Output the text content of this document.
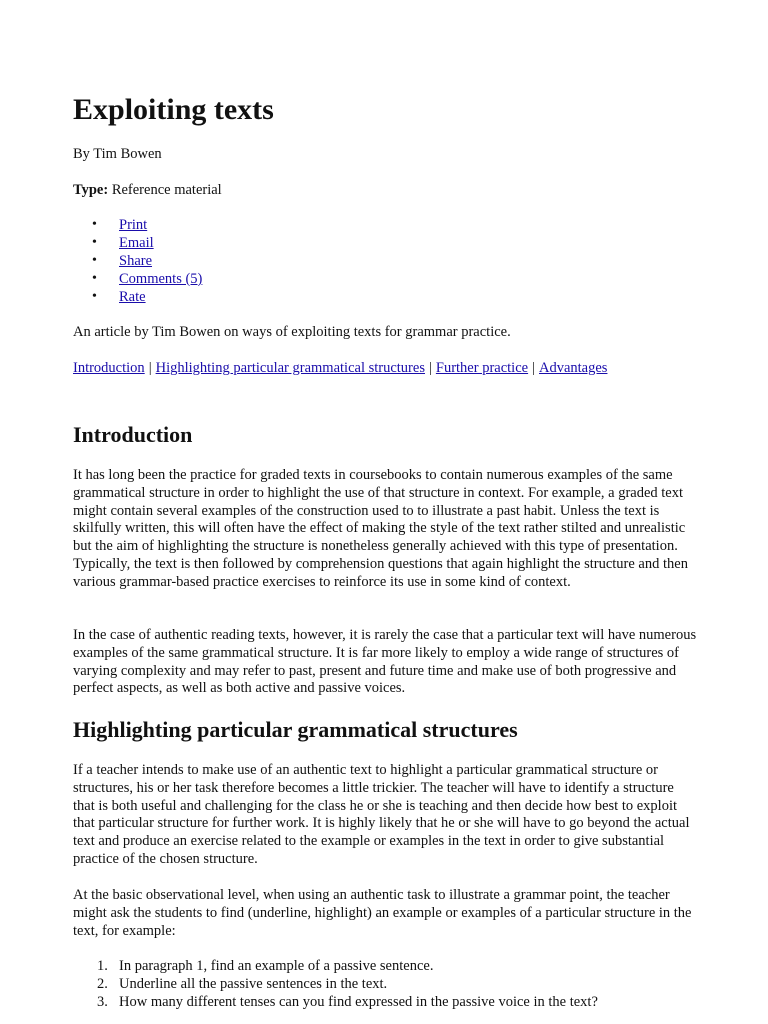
Exploiting texts
By Tim Bowen
Type: Reference material
• Print
• Email
• Share
• Comments (5)
• Rate
An article by Tim Bowen on ways of exploiting texts for grammar practice.
Introduction | Highlighting particular grammatical structures | Further practice | Advantages
Introduction

It has long been the practice for graded texts in coursebooks to contain numerous examples of the same grammatical structure in order to highlight the use of that structure in context. For example, a graded text might contain several examples of the construction used to to illustrate a past habit. Unless the text is skilfully written, this will often have the effect of making the style of the text rather stilted and unrealistic but the aim of highlighting the structure is nonetheless generally achieved with this type of presentation. Typically, the text is then followed by comprehension questions that again highlight the structure and then various grammar-based practice exercises to reinforce its use in some kind of context.

In the case of authentic reading texts, however, it is rarely the case that a particular text will have numerous examples of the same grammatical structure. It is far more likely to employ a wide range of structures of varying complexity and may refer to past, present and future time and make use of both progressive and perfect aspects, as well as both active and passive voices.

Highlighting particular grammatical structures

If a teacher intends to make use of an authentic text to highlight a particular grammatical structure or structures, his or her task therefore becomes a little trickier. The teacher will have to identify a structure that is both useful and challenging for the class he or she is teaching and then decide how best to exploit that particular structure for further work. It is highly likely that he or she will have to go beyond the actual text and produce an exercise related to the example or examples in the text in order to give substantial practice of the chosen structure.

At the basic observational level, when using an authentic task to illustrate a grammar point, the teacher might ask the students to find (underline, highlight) an example or examples of a particular structure in the text, for example:

1. In paragraph 1, find an example of a passive sentence.
2. Underline all the passive sentences in the text.
3. How many different tenses can you find expressed in the passive voice in the text?
